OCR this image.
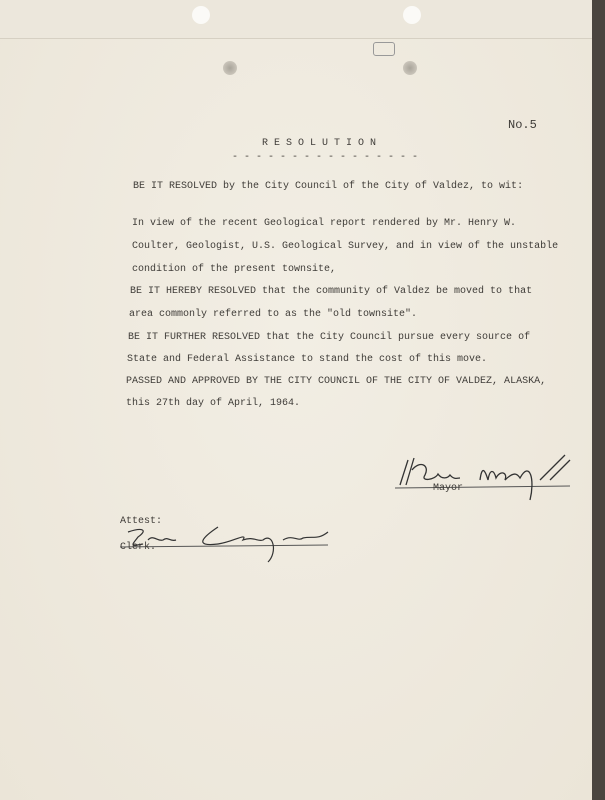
No.5
R E S O L U T I O N
- - - - - - - - - - - - - - - -
BE IT RESOLVED by the City Council of the City of Valdez, to wit:
In view of the recent Geological report rendered by Mr. Henry W.
Coulter, Geologist, U.S. Geological Survey, and in view of the unstable
condition of the present townsite,
BE IT HEREBY RESOLVED that the community of Valdez be moved to that
area commonly referred to as the "old townsite".
BE IT FURTHER RESOLVED that the City Council pursue every source of
State and Federal Assistance to stand the cost of this move.
PASSED AND APPROVED BY THE CITY COUNCIL OF THE CITY OF VALDEZ, ALASKA,
this 27th day of April, 1964.
Mayor
Attest:
Clerk.
